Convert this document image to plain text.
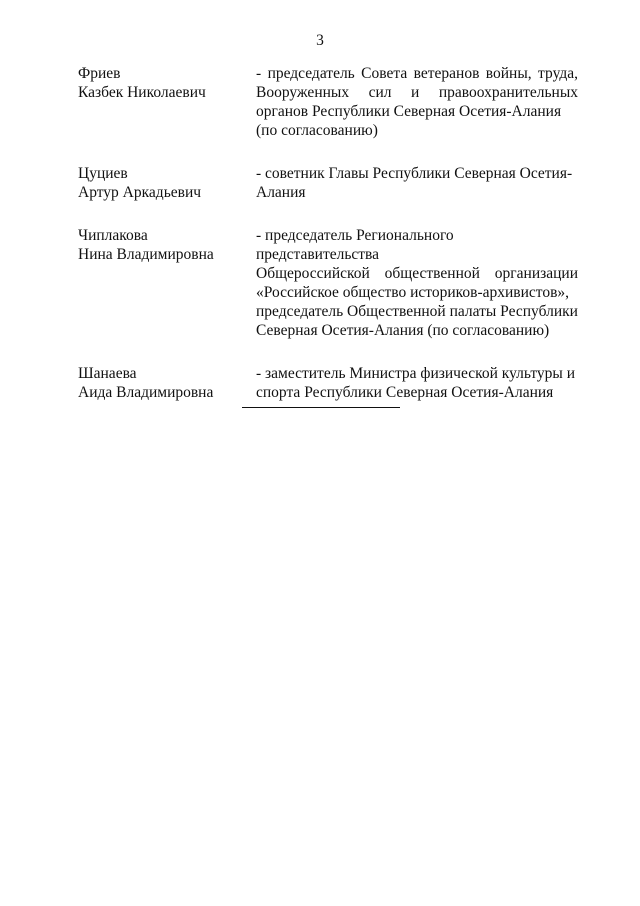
3
Фриев
Казбек Николаевич
- председатель Совета ветеранов войны, труда,
Вооруженных сил и правоохранительных
органов Республики Северная Осетия-Алания
(по согласованию)
Цуциев
Артур Аркадьевич
- советник Главы Республики Северная Осетия-
Алания
Чиплакова
Нина Владимировна
- председатель Регионального представительства
Общероссийской общественной организации
«Российское общество историков-архивистов»,
председатель Общественной палаты Республики
Северная Осетия-Алания (по согласованию)
Шанаева
Аида Владимировна
- заместитель Министра физической культуры и
спорта Республики Северная Осетия-Алания
